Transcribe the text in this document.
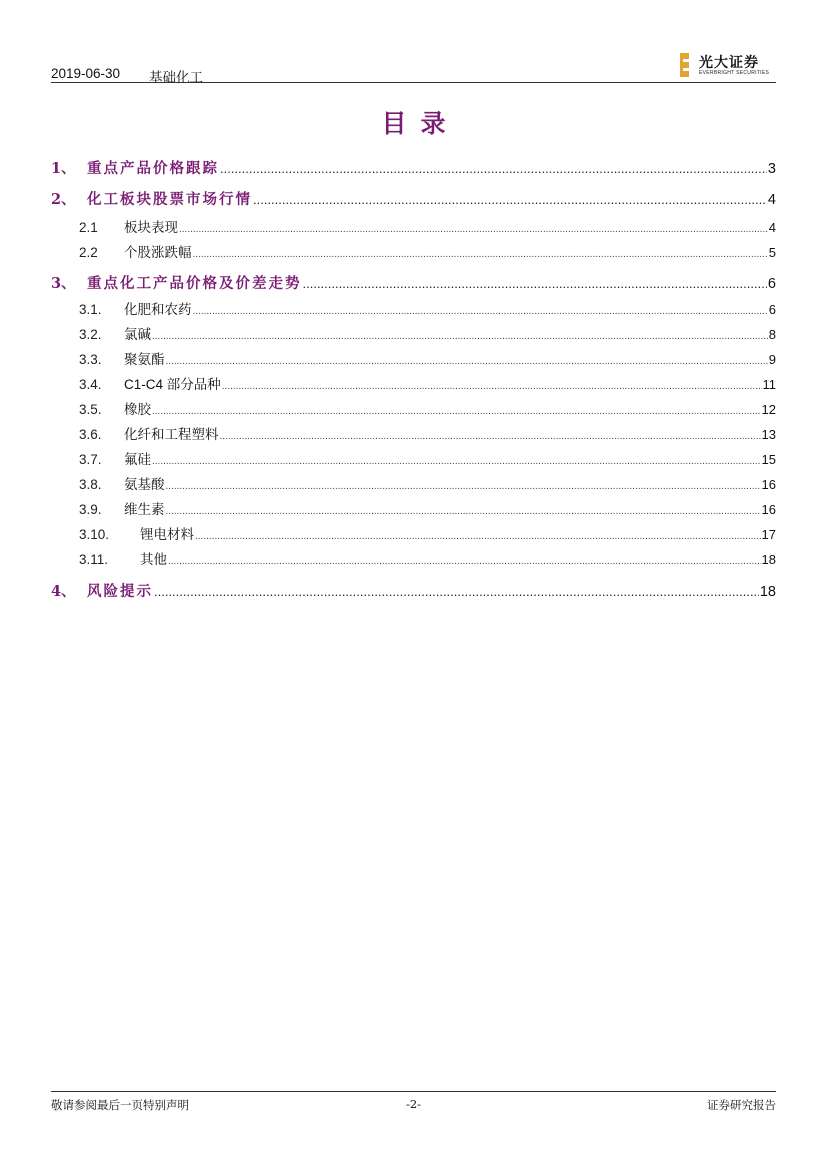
2019-06-30 基础化工
光大证券
EVERBRIGHT SECURITIES
目录
1、 重点产品价格跟踪 .....	3
2、 化工板块股票市场行情 .....	4
2.1	板块表现 .....	4
2.2	个股涨跌幅 .....	5
3、 重点化工产品价格及价差走势 .....	6
3.1.	化肥和农药 .....	6
3.2.	氯碱 .....	8
3.3.	聚氨酯 .....	9
3.4.	C1-C4 部分品种 .....	11
3.5.	橡胶 .....	12
3.6.	化纤和工程塑料 .....	13
3.7.	氟硅 .....	15
3.8.	氨基酸 .....	16
3.9.	维生素 .....	16
3.10.	锂电材料 .....	17
3.11.	其他 .....	18
4、 风险提示 .....	18
敬请参阅最后一页特别声明	-2-	证券研究报告
